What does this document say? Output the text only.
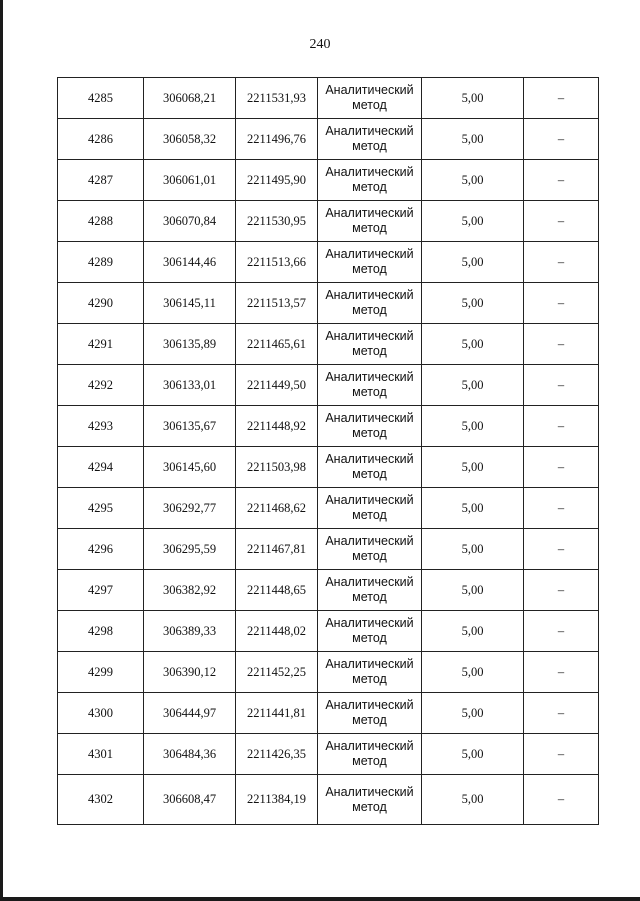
240
4285	306068,21	2211531,93	Аналитический
метод	5,00	–
4286	306058,32	2211496,76	Аналитический
метод	5,00	–
4287	306061,01	2211495,90	Аналитический
метод	5,00	–
4288	306070,84	2211530,95	Аналитический
метод	5,00	–
4289	306144,46	2211513,66	Аналитический
метод	5,00	–
4290	306145,11	2211513,57	Аналитический
метод	5,00	–
4291	306135,89	2211465,61	Аналитический
метод	5,00	–
4292	306133,01	2211449,50	Аналитический
метод	5,00	–
4293	306135,67	2211448,92	Аналитический
метод	5,00	–
4294	306145,60	2211503,98	Аналитический
метод	5,00	–
4295	306292,77	2211468,62	Аналитический
метод	5,00	–
4296	306295,59	2211467,81	Аналитический
метод	5,00	–
4297	306382,92	2211448,65	Аналитический
метод	5,00	–
4298	306389,33	2211448,02	Аналитический
метод	5,00	–
4299	306390,12	2211452,25	Аналитический
метод	5,00	–
4300	306444,97	2211441,81	Аналитический
метод	5,00	–
4301	306484,36	2211426,35	Аналитический
метод	5,00	–
4302	306608,47	2211384,19	Аналитический
метод	5,00	–
